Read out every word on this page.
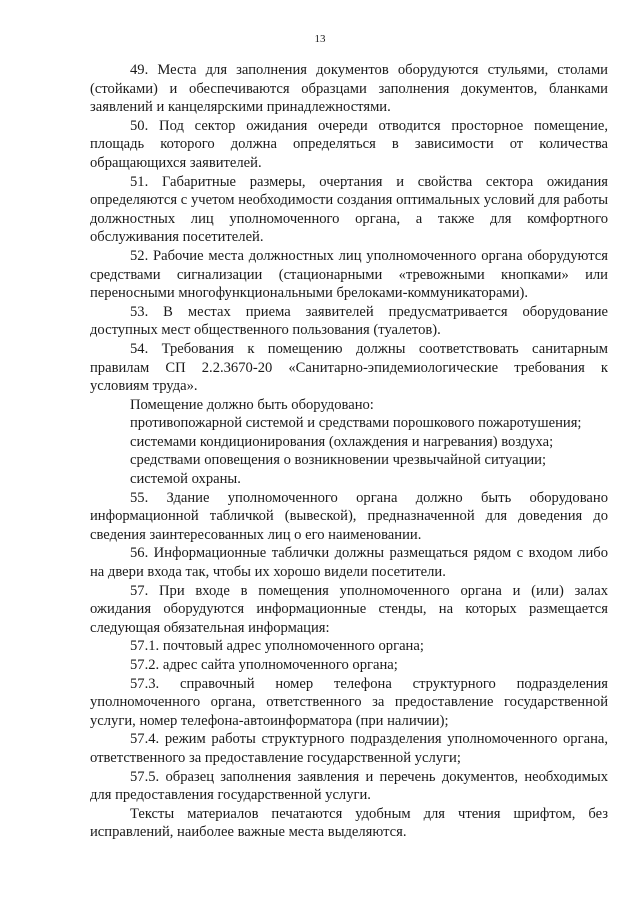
13

49. Места для заполнения документов оборудуются стульями, столами (стойками) и обеспечиваются образцами заполнения документов, бланками заявлений и канцелярскими принадлежностями.

50. Под сектор ожидания очереди отводится просторное помещение, площадь которого должна определяться в зависимости от количества обращающихся заявителей.

51. Габаритные размеры, очертания и свойства сектора ожидания определяются с учетом необходимости создания оптимальных условий для работы должностных лиц уполномоченного органа, а также для комфортного обслуживания посетителей.

52. Рабочие места должностных лиц уполномоченного органа оборудуются средствами сигнализации (стационарными «тревожными кнопками» или переносными многофункциональными брелоками-коммуникаторами).

53. В местах приема заявителей предусматривается оборудование доступных мест общественного пользования (туалетов).

54. Требования к помещению должны соответствовать санитарным правилам СП 2.2.3670-20 «Санитарно-эпидемиологические требования к условиям труда».

Помещение должно быть оборудовано:

противопожарной системой и средствами порошкового пожаротушения;

системами кондиционирования (охлаждения и нагревания) воздуха;

средствами оповещения о возникновении чрезвычайной ситуации;

системой охраны.

55. Здание уполномоченного органа должно быть оборудовано информационной табличкой (вывеской), предназначенной для доведения до сведения заинтересованных лиц о его наименовании.

56. Информационные таблички должны размещаться рядом с входом либо на двери входа так, чтобы их хорошо видели посетители.

57. При входе в помещения уполномоченного органа и (или) залах ожидания оборудуются информационные стенды, на которых размещается следующая обязательная информация:

57.1. почтовый адрес уполномоченного органа;

57.2. адрес сайта уполномоченного органа;

57.3. справочный номер телефона структурного подразделения уполномоченного органа, ответственного за предоставление государственной услуги, номер телефона-автоинформатора (при наличии);

57.4. режим работы структурного подразделения уполномоченного органа, ответственного за предоставление государственной услуги;

57.5. образец заполнения заявления и перечень документов, необходимых для предоставления государственной услуги.

Тексты материалов печатаются удобным для чтения шрифтом, без исправлений, наиболее важные места выделяются.
